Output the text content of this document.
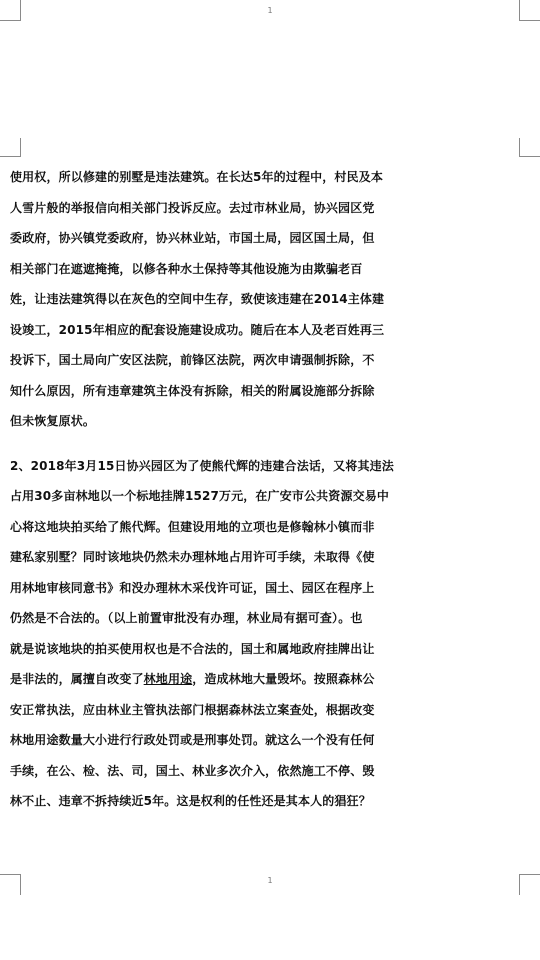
1

使用权，所以修建的别墅是违法建筑。在长达5年的过程中，村民及本
人雪片般的举报信向相关部门投诉反应。去过市林业局，协兴园区党
委政府，协兴镇党委政府，协兴林业站，市国土局，园区国土局，但
相关部门在遮遮掩掩，以修各种水土保持等其他设施为由欺骗老百
姓，让违法建筑得以在灰色的空间中生存，致使该违建在2014主体建
设竣工，2015年相应的配套设施建设成功。随后在本人及老百姓再三
投诉下，国土局向广安区法院，前锋区法院，两次申请强制拆除，不
知什么原因，所有违章建筑主体没有拆除，相关的附属设施部分拆除
但未恢复原状。

2、2018年3月15日协兴园区为了使熊代辉的违建合法话，又将其违法
占用30多亩林地以一个标地挂牌1527万元，在广安市公共资源交易中
心将这地块拍买给了熊代辉。但建设用地的立项也是修翰林小镇而非
建私家别墅？同时该地块仍然未办理林地占用许可手续，未取得《使
用林地审核同意书》和没办理林木采伐许可证，国土、园区在程序上
仍然是不合法的。（以上前置审批没有办理，林业局有据可查）。也
就是说该地块的拍买使用权也是不合法的，国土和属地政府挂牌出让
是非法的，属擅自改变了林地用途，造成林地大量毁坏。按照森林公
安正常执法，应由林业主管执法部门根据森林法立案查处，根据改变
林地用途数量大小进行行政处罚或是刑事处罚。就这么一个没有任何
手续，在公、检、法、司，国土、林业多次介入，依然施工不停、毁
林不止、违章不拆持续近5年。这是权利的任性还是其本人的猖狂？

1
